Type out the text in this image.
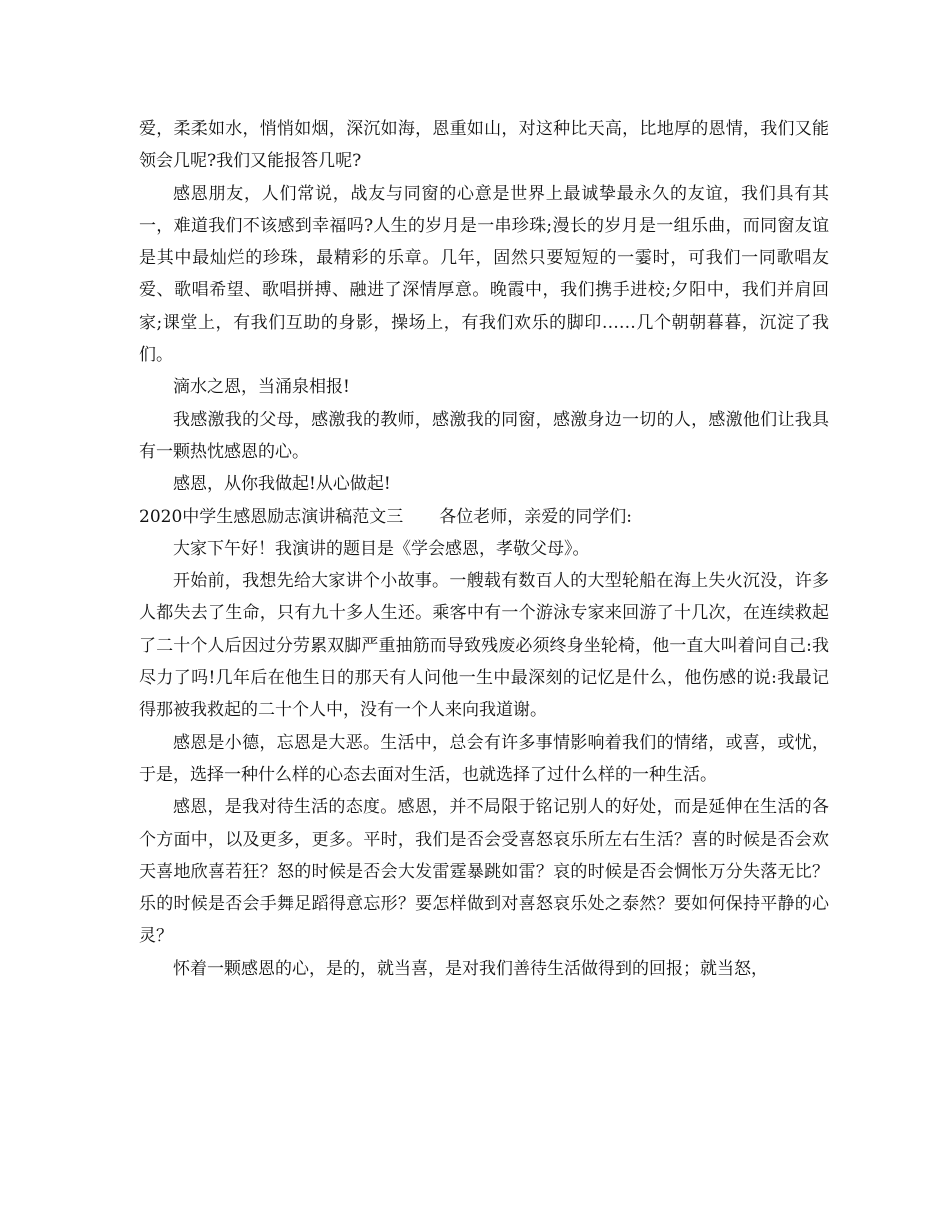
爱，柔柔如水，悄悄如烟，深沉如海，恩重如山，对这种比天高，比地厚的恩情，我们又能领会几呢?我们又能报答几呢?

感恩朋友，人们常说，战友与同窗的心意是世界上最诚挚最永久的友谊，我们具有其一，难道我们不该感到幸福吗?人生的岁月是一串珍珠;漫长的岁月是一组乐曲，而同窗友谊是其中最灿烂的珍珠，最精彩的乐章。几年，固然只要短短的一霎时，可我们一同歌唱友爱、歌唱希望、歌唱拼搏、融进了深情厚意。晚霞中，我们携手进校;夕阳中，我们并肩回家;课堂上，有我们互助的身影，操场上，有我们欢乐的脚印……几个朝朝暮暮，沉淀了我们。

滴水之恩，当涌泉相报!

我感激我的父母，感激我的教师，感激我的同窗，感激身边一切的人，感激他们让我具有一颗热忱感恩的心。

感恩，从你我做起!从心做起!

2020中学生感恩励志演讲稿范文三 各位老师，亲爱的同学们:

大家下午好！我演讲的题目是《学会感恩，孝敬父母》。

开始前，我想先给大家讲个小故事。一艘载有数百人的大型轮船在海上失火沉没，许多人都失去了生命，只有九十多人生还。乘客中有一个游泳专家来回游了十几次，在连续救起了二十个人后因过分劳累双脚严重抽筋而导致残废必须终身坐轮椅，他一直大叫着问自己:我尽力了吗!几年后在他生日的那天有人问他一生中最深刻的记忆是什么，他伤感的说:我最记得那被我救起的二十个人中，没有一个人来向我道谢。

感恩是小德，忘恩是大恶。生活中，总会有许多事情影响着我们的情绪，或喜，或忧，于是，选择一种什么样的心态去面对生活，也就选择了过什么样的一种生活。

感恩，是我对待生活的态度。感恩，并不局限于铭记别人的好处，而是延伸在生活的各个方面中，以及更多，更多。平时，我们是否会受喜怒哀乐所左右生活？喜的时候是否会欢天喜地欣喜若狂？怒的时候是否会大发雷霆暴跳如雷？哀的时候是否会惆怅万分失落无比？乐的时候是否会手舞足蹈得意忘形？要怎样做到对喜怒哀乐处之泰然？要如何保持平静的心灵？

怀着一颗感恩的心，是的，就当喜，是对我们善待生活做得到的回报；就当怒，
